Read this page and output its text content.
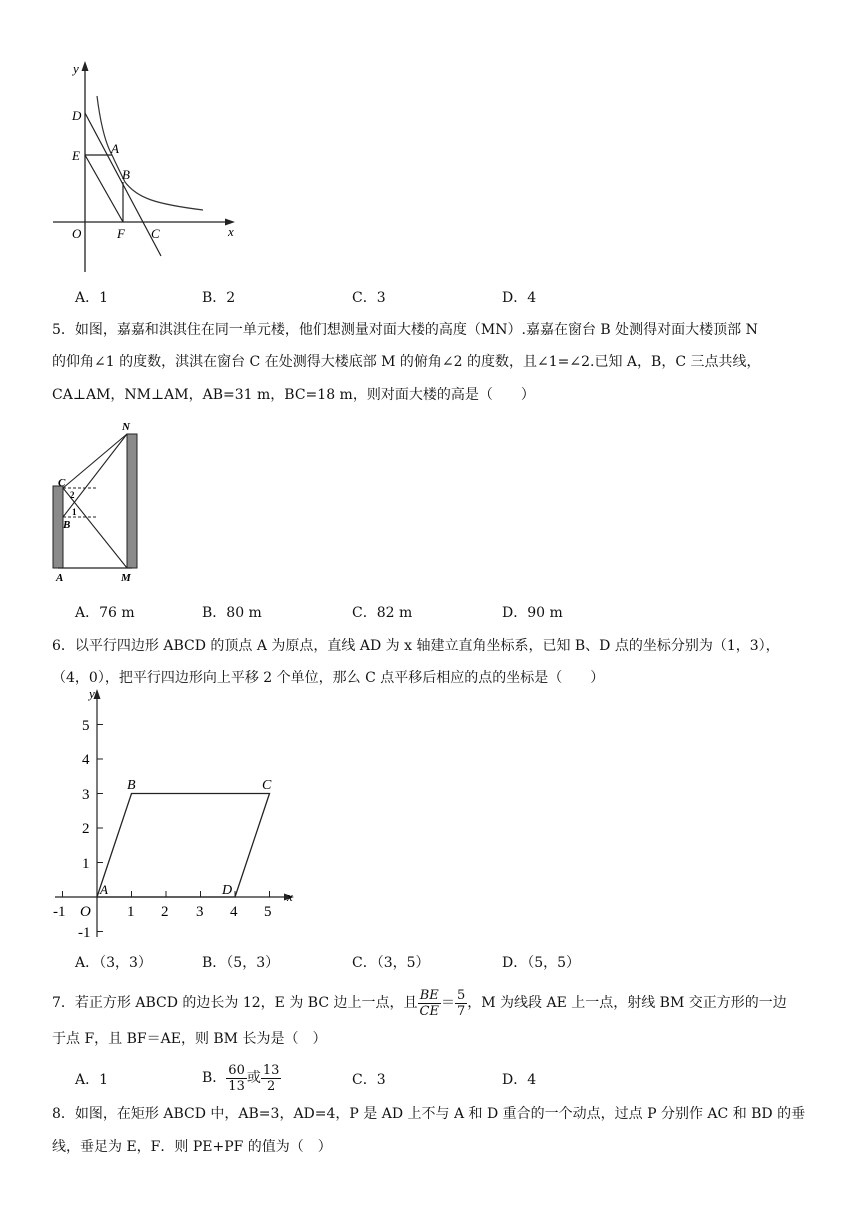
y
x
D
E A
B
O	F C
A．1	B．2	C．3	D．4
5．如图，嘉嘉和淇淇住在同一单元楼，他们想测量对面大楼的高度（MN）.嘉嘉在窗台 B 处测得对面大楼顶部 N
的仰角∠1 的度数，淇淇在窗台 C 在处测得大楼底部 M 的俯角∠2 的度数，且∠1=∠2.已知 A，B，C 三点共线，
CA⊥AM，NM⊥AM，AB=31 m，BC=18 m，则对面大楼的高是（　　）
N
C
B
A	M
2
1
A．76 m	B．80 m	C．82 m	D．90 m
6．以平行四边形 ABCD 的顶点 A 为原点，直线 AD 为 x 轴建立直角坐标系，已知 B、D 点的坐标分别为（1，3），
（4，0），把平行四边形向上平移 2 个单位，那么 C 点平移后相应的点的坐标是（　　）
-1	1 2 3 4 5
5
4
3
2
1
-1
y
x
O
A
B	C
D
A．（3，3）	B．（5，3）	C．（3，5）	D．（5，5）
7．若正方形 ABCD 的边长为 12，E 为 BC 边上一点，且 $\frac{BE}{CE} = \frac{5}{7}$ ，M 为线段 AE 上一点，射线 BM 交正方形的一边
于点 F，且 BF＝AE，则 BM 长为是（　）
A．1	B． $\frac{60}{13}$ 或 $\frac{13}{2}$	C．3	D．4
8．如图，在矩形 ABCD 中，AB=3，AD=4，P 是 AD 上不与 A 和 D 重合的一个动点，过点 P 分别作 AC 和 BD 的垂
线，垂足为 E，F．则 PE+PF 的值为（　）
